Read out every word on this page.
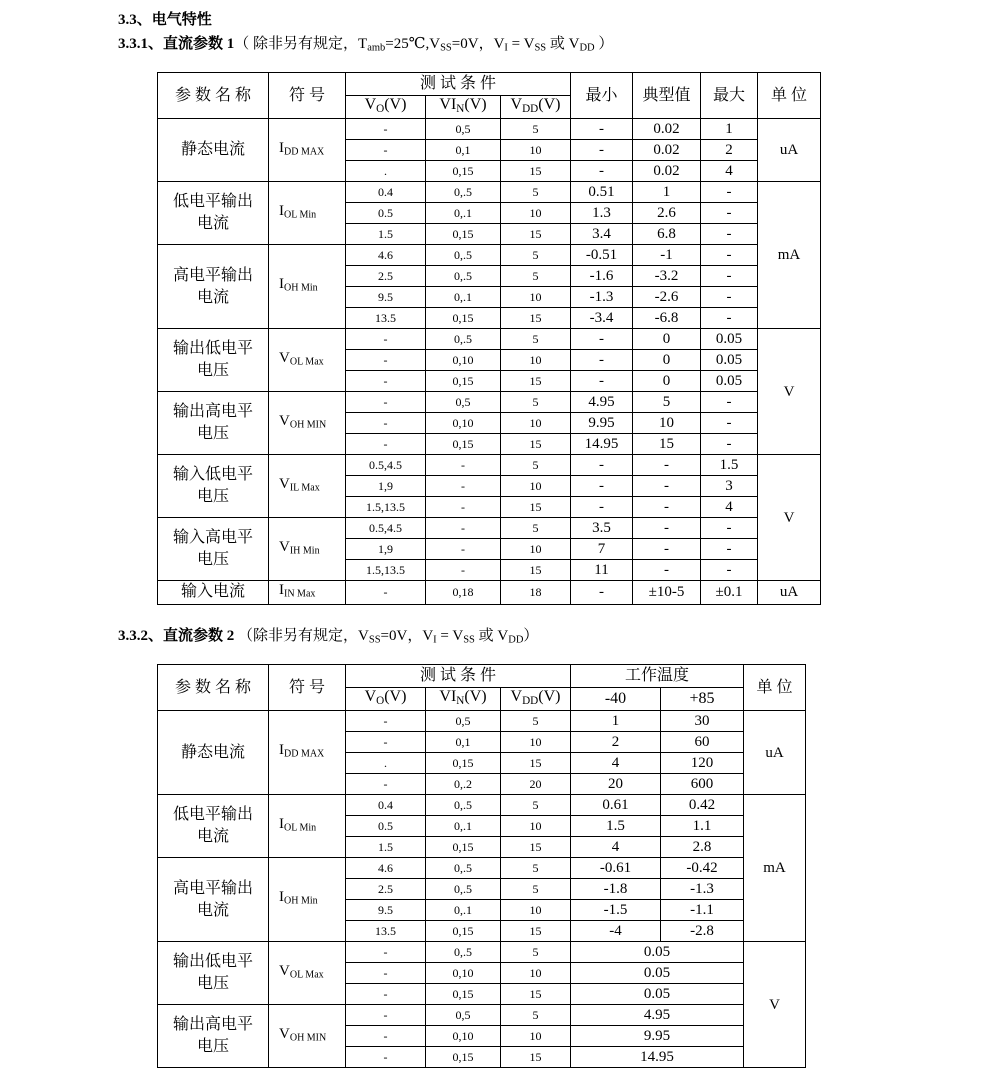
3.3、电气特性
3.3.1、直流参数 1（ 除非另有规定，$T_{amb}=25℃,V_{SS}=0V$，$V_I = V_{SS}$ 或 $V_{DD}$ ）
参 数 名 称	符 号	测 试 条 件			最小	典型值	最大	单 位
		$V_O(V)$	$VI_N(V)$	$V_{DD}(V)$				
静态电流	$I_{DD MAX}$	-	0,5	5	-	0.02	1	uA
		-	0,1	10	-	0.02	2	
		.	0,15	15	-	0.02	4	
低电平输出电流	$I_{OL Min}$	0.4	0,.5	5	0.51	1	-	mA
		0.5	0,.1	10	1.3	2.6	-	
		1.5	0,15	15	3.4	6.8	-	
高电平输出电流	$I_{OH Min}$	4.6	0,.5	5	-0.51	-1	-	
		2.5	0,.5	5	-1.6	-3.2	-	
		9.5	0,.1	10	-1.3	-2.6	-	
		13.5	0,15	15	-3.4	-6.8	-	
输出低电平电压	$V_{OL Max}$	-	0,.5	5	-	0	0.05	V
		-	0,10	10	-	0	0.05	
		-	0,15	15	-	0	0.05	
输出高电平电压	$V_{OH MIN}$	-	0,5	5	4.95	5	-	
		-	0,10	10	9.95	10	-	
		-	0,15	15	14.95	15	-	
输入低电平电压	$V_{IL Max}$	0.5,4.5	-	5	-	-	1.5	V
		1,9	-	10	-	-	3	
		1.5,13.5	-	15	-	-	4	
输入高电平电压	$V_{IH Min}$	0.5,4.5	-	5	3.5	-	-	
		1,9	-	10	7	-	-	
		1.5,13.5	-	15	11	-	-	
输入电流	$I_{IN Max}$	-	0,18	18	-	±10-5	±0.1	uA
3.3.2、直流参数 2 （除非另有规定，$V_{SS}=0V$，$V_I = V_{SS}$ 或 $V_{DD}$）
参 数 名 称	符 号	测 试 条 件			工作温度		单 位
		$V_O(V)$	$VI_N(V)$	$V_{DD}(V)$	-40	+85	
静态电流	$I_{DD MAX}$	-	0,5	5	1	30	uA
		-	0,1	10	2	60	
		.	0,15	15	4	120	
		-	0,.2	20	20	600	
低电平输出电流	$I_{OL Min}$	0.4	0,.5	5	0.61	0.42	mA
		0.5	0,.1	10	1.5	1.1	
		1.5	0,15	15	4	2.8	
高电平输出电流	$I_{OH Min}$	4.6	0,.5	5	-0.61	-0.42	
		2.5	0,.5	5	-1.8	-1.3	
		9.5	0,.1	10	-1.5	-1.1	
		13.5	0,15	15	-4	-2.8	
输出低电平电压	$V_{OL Max}$	-	0,.5	5	0.05		V
		-	0,10	10	0.05		
		-	0,15	15	0.05		
输出高电平电压	$V_{OH MIN}$	-	0,5	5	4.95		
		-	0,10	10	9.95		
		-	0,15	15	14.95		
